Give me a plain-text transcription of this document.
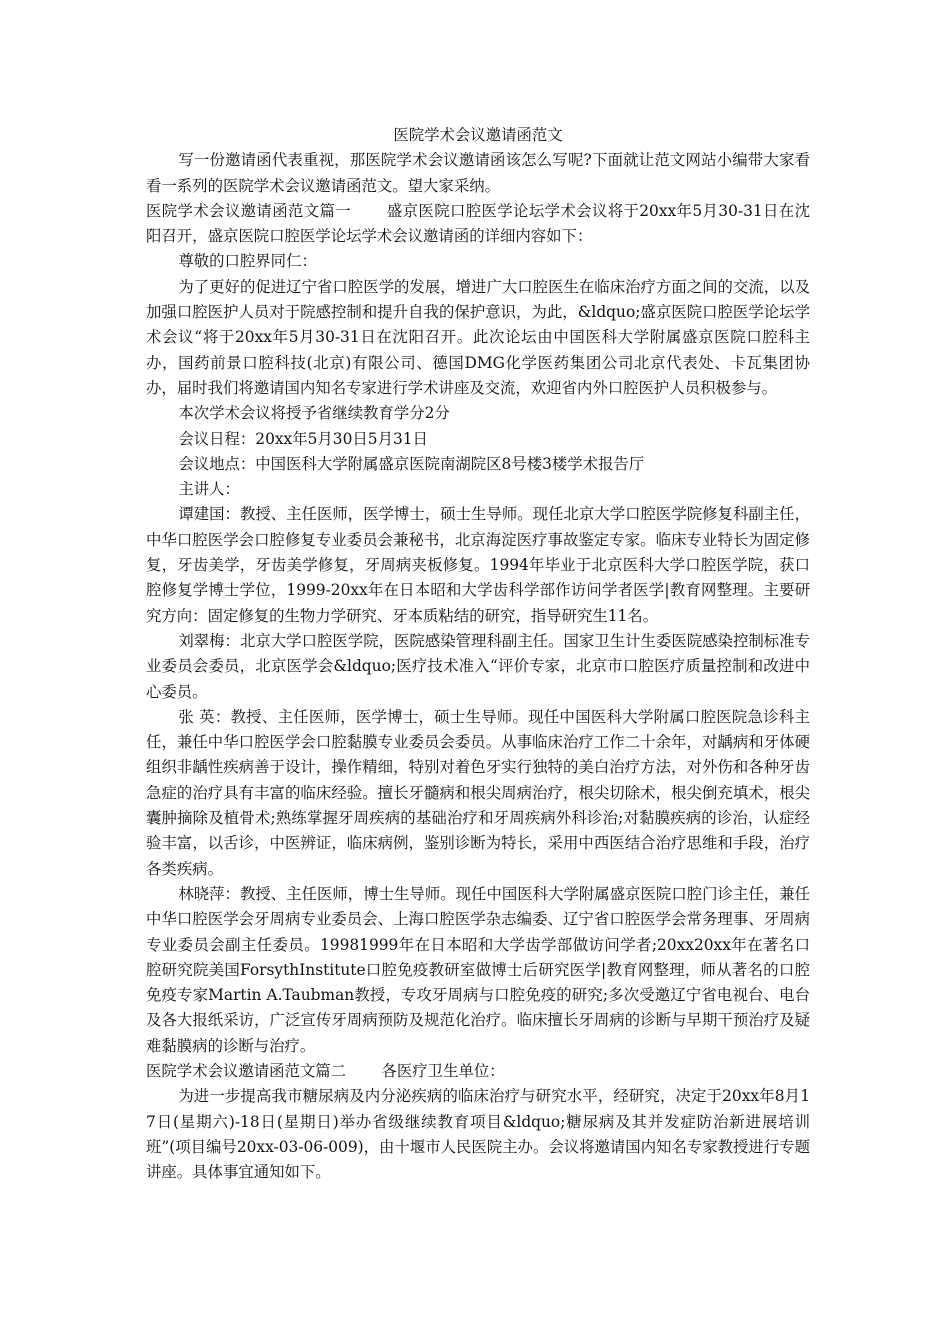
医院学术会议邀请函范文

写一份邀请函代表重视，那医院学术会议邀请函该怎么写呢?下面就让范文网站小编带大家看看一系列的医院学术会议邀请函范文。望大家采纳。

医院学术会议邀请函范文篇一 盛京医院口腔医学论坛学术会议将于20xx年5月30-31日在沈阳召开，盛京医院口腔医学论坛学术会议邀请函的详细内容如下：

尊敬的口腔界同仁：

为了更好的促进辽宁省口腔医学的发展，增进广大口腔医生在临床治疗方面之间的交流，以及加强口腔医护人员对于院感控制和提升自我的保护意识，为此，&ldquo;盛京医院口腔医学论坛学术会议“将于20xx年5月30-31日在沈阳召开。此次论坛由中国医科大学附属盛京医院口腔科主办，国药前景口腔科技(北京)有限公司、德国DMG化学医药集团公司北京代表处、卡瓦集团协办，届时我们将邀请国内知名专家进行学术讲座及交流，欢迎省内外口腔医护人员积极参与。

本次学术会议将授予省继续教育学分2分

会议日程：20xx年5月30日5月31日

会议地点：中国医科大学附属盛京医院南湖院区8号楼3楼学术报告厅

主讲人：

谭建国：教授、主任医师，医学博士，硕士生导师。现任北京大学口腔医学院修复科副主任，中华口腔医学会口腔修复专业委员会兼秘书，北京海淀医疗事故鉴定专家。临床专业特长为固定修复，牙齿美学，牙齿美学修复，牙周病夹板修复。1994年毕业于北京医科大学口腔医学院，获口腔修复学博士学位，1999-20xx年在日本昭和大学齿科学部作访问学者医学|教育网整理。主要研究方向：固定修复的生物力学研究、牙本质粘结的研究，指导研究生11名。

刘翠梅：北京大学口腔医学院，医院感染管理科副主任。国家卫生计生委医院感染控制标准专业委员会委员，北京医学会&ldquo;医疗技术准入“评价专家，北京市口腔医疗质量控制和改进中心委员。

张 英：教授、主任医师，医学博士，硕士生导师。现任中国医科大学附属口腔医院急诊科主任，兼任中华口腔医学会口腔黏膜专业委员会委员。从事临床治疗工作二十余年，对龋病和牙体硬组织非龋性疾病善于设计，操作精细，特别对着色牙实行独特的美白治疗方法，对外伤和各种牙齿急症的治疗具有丰富的临床经验。擅长牙髓病和根尖周病治疗，根尖切除术，根尖倒充填术，根尖囊肿摘除及植骨术;熟练掌握牙周疾病的基础治疗和牙周疾病外科诊治;对黏膜疾病的诊治，认症经验丰富，以舌诊，中医辨证，临床病例，鉴别诊断为特长，采用中西医结合治疗思维和手段，治疗各类疾病。

林晓萍：教授、主任医师，博士生导师。现任中国医科大学附属盛京医院口腔门诊主任，兼任中华口腔医学会牙周病专业委员会、上海口腔医学杂志编委、辽宁省口腔医学会常务理事、牙周病专业委员会副主任委员。19981999年在日本昭和大学齿学部做访问学者;20xx20xx年在著名口腔研究院美国ForsythInstitute口腔免疫教研室做博士后研究医学|教育网整理，师从著名的口腔免疫专家Martin A.Taubman教授，专攻牙周病与口腔免疫的研究;多次受邀辽宁省电视台、电台及各大报纸采访，广泛宣传牙周病预防及规范化治疗。临床擅长牙周病的诊断与早期干预治疗及疑难黏膜病的诊断与治疗。

医院学术会议邀请函范文篇二 各医疗卫生单位：

为进一步提高我市糖尿病及内分泌疾病的临床治疗与研究水平，经研究，决定于20xx年8月17日(星期六)-18日(星期日)举办省级继续教育项目&ldquo;糖尿病及其并发症防治新进展培训班”(项目编号20xx-03-06-009)，由十堰市人民医院主办。会议将邀请国内知名专家教授进行专题讲座。具体事宜通知如下。
